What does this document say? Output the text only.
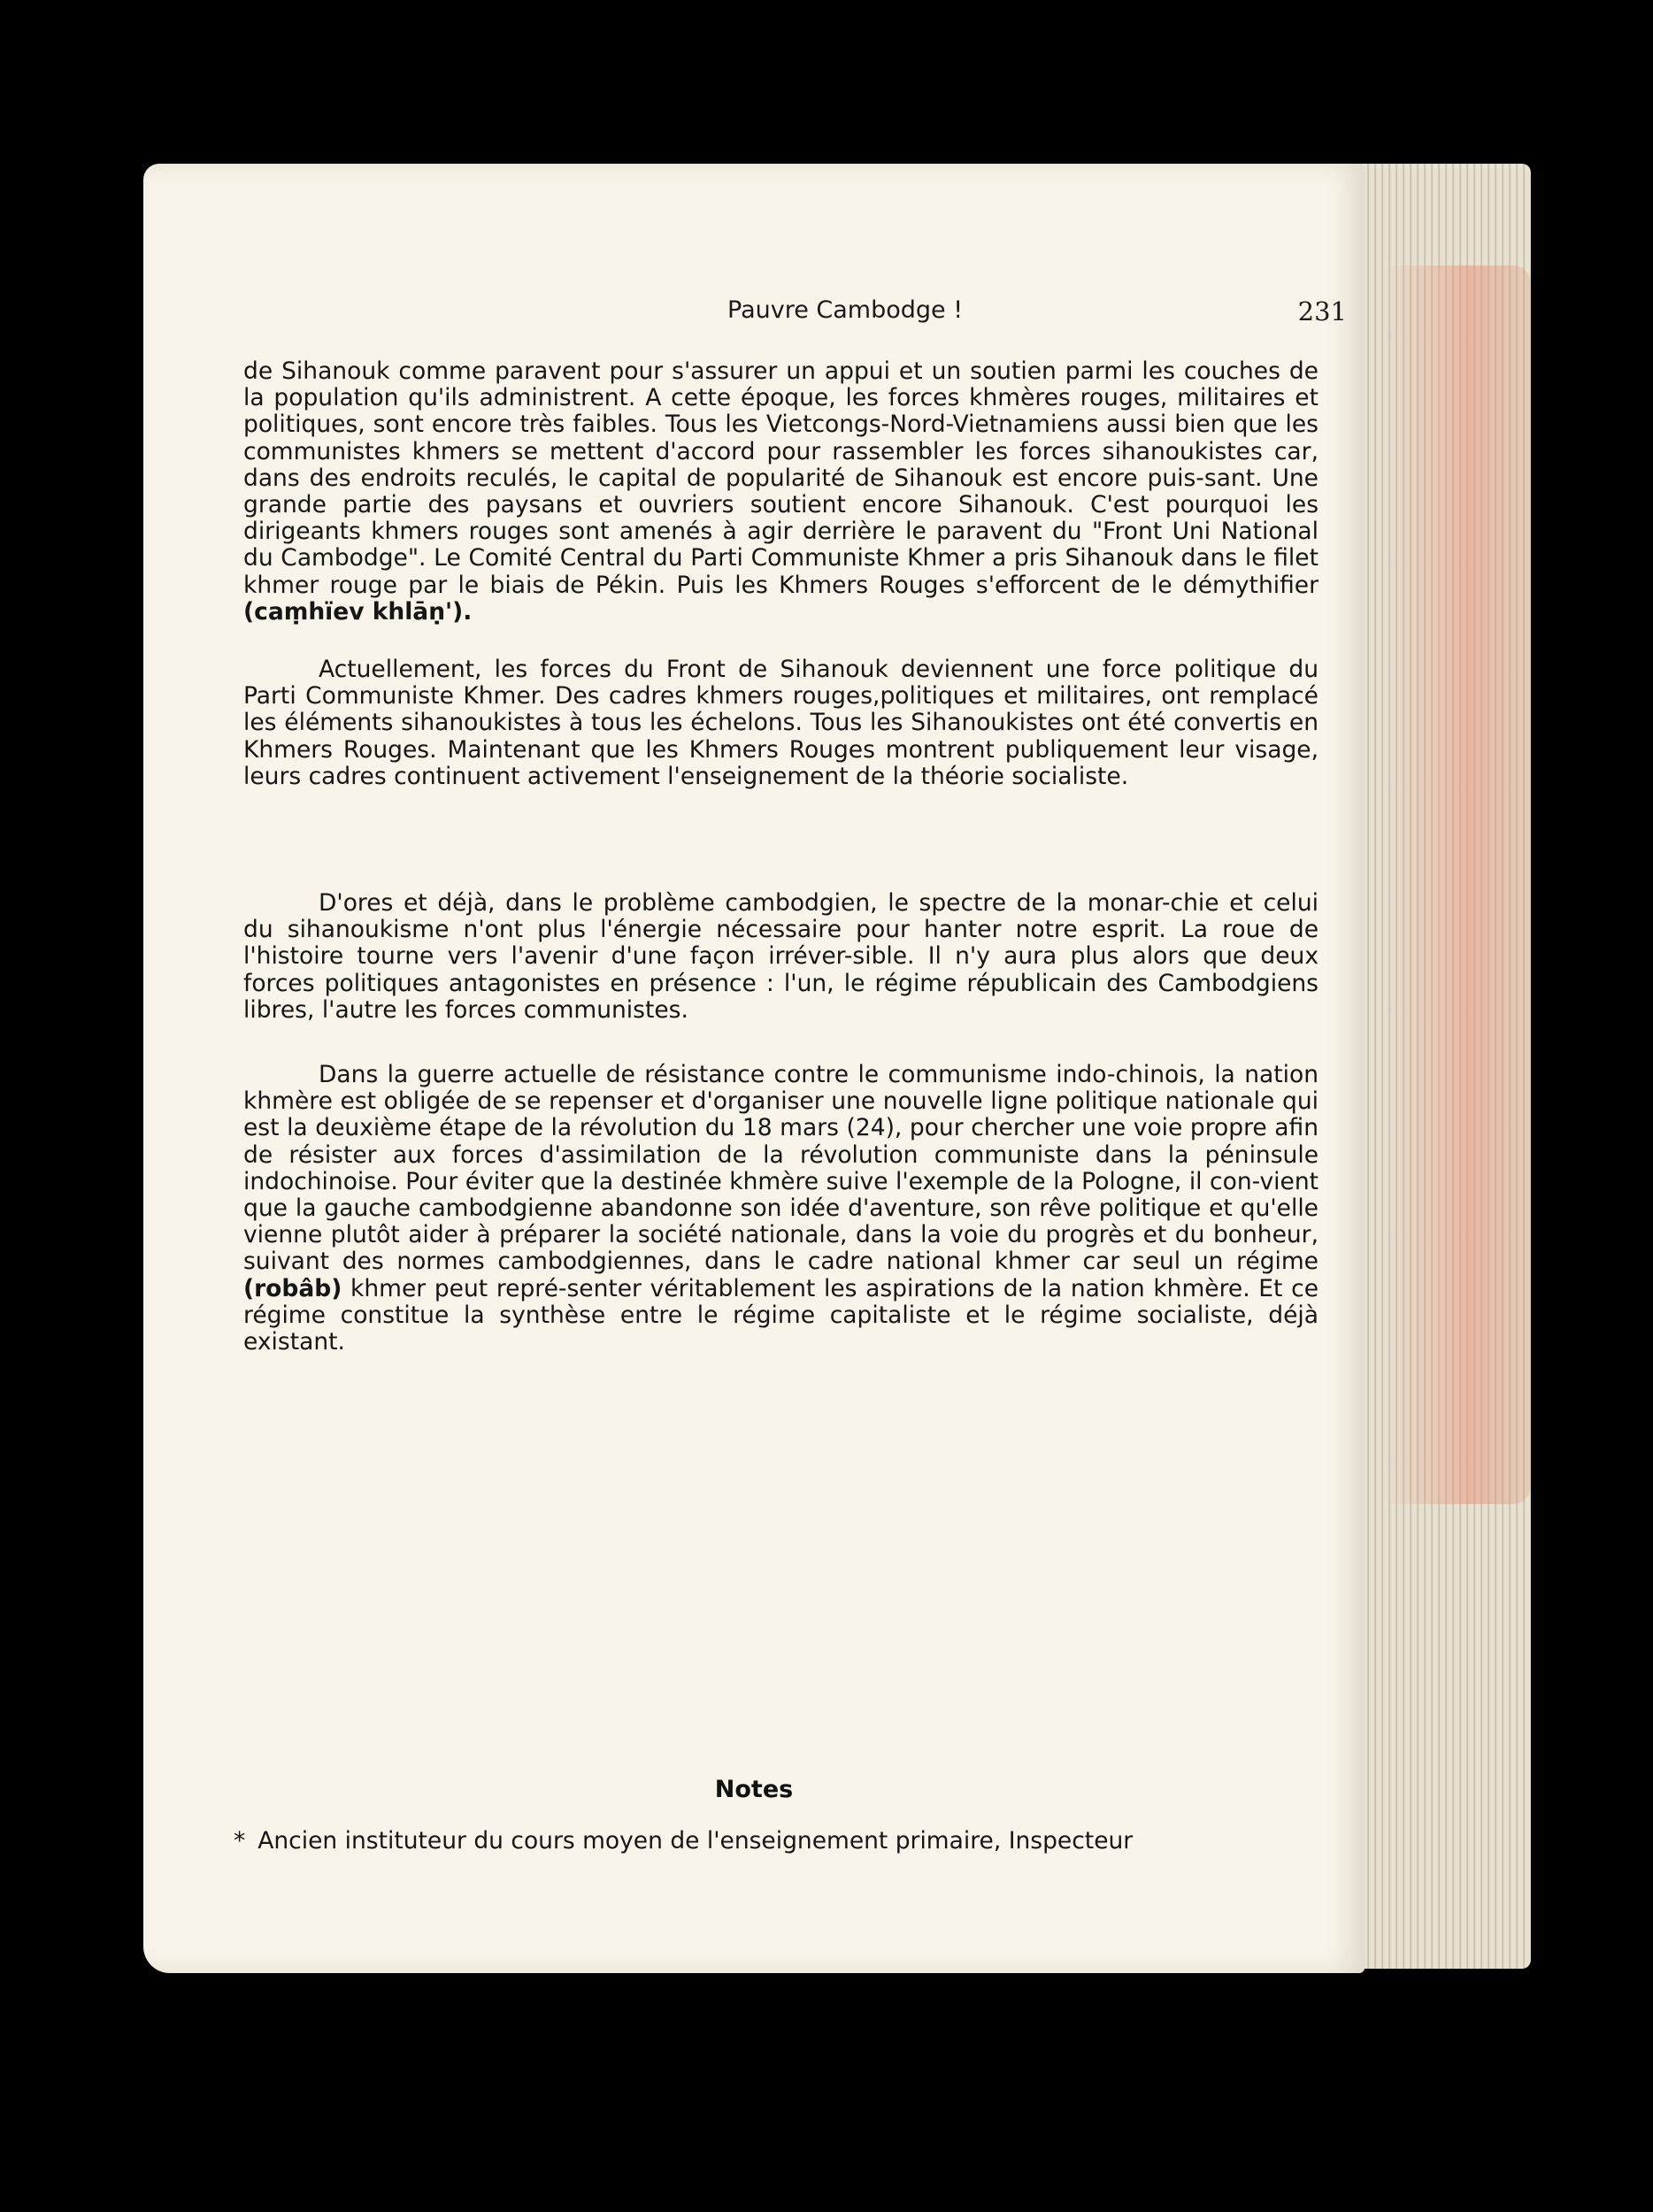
Pauvre Cambodge !	231

de Sihanouk comme paravent pour s'assurer un appui et un soutien parmi les couches de la population qu'ils administrent. A cette époque, les forces khmères rouges, militaires et politiques, sont encore très faibles. Tous les Vietcongs-Nord-Vietnamiens aussi bien que les communistes khmers se mettent d'accord pour rassembler les forces sihanoukistes car, dans des endroits reculés, le capital de popularité de Sihanouk est encore puis-sant. Une grande partie des paysans et ouvriers soutient encore Sihanouk. C'est pourquoi les dirigeants khmers rouges sont amenés à agir derrière le paravent du "Front Uni National du Cambodge". Le Comité Central du Parti Communiste Khmer a pris Sihanouk dans le filet khmer rouge par le biais de Pékin. Puis les Khmers Rouges s'efforcent de le démythifier (caṃhïev khlāṇ').

Actuellement, les forces du Front de Sihanouk deviennent une force politique du Parti Communiste Khmer. Des cadres khmers rouges,politiques et militaires, ont remplacé les éléments sihanoukistes à tous les échelons. Tous les Sihanoukistes ont été convertis en Khmers Rouges. Maintenant que les Khmers Rouges montrent publiquement leur visage, leurs cadres continuent activement l'enseignement de la théorie socialiste.

D'ores et déjà, dans le problème cambodgien, le spectre de la monar-chie et celui du sihanoukisme n'ont plus l'énergie nécessaire pour hanter notre esprit. La roue de l'histoire tourne vers l'avenir d'une façon irréver-sible. Il n'y aura plus alors que deux forces politiques antagonistes en présence : l'un, le régime républicain des Cambodgiens libres, l'autre les forces communistes.

Dans la guerre actuelle de résistance contre le communisme indo-chinois, la nation khmère est obligée de se repenser et d'organiser une nouvelle ligne politique nationale qui est la deuxième étape de la révolution du 18 mars (24), pour chercher une voie propre afin de résister aux forces d'assimilation de la révolution communiste dans la péninsule indochinoise. Pour éviter que la destinée khmère suive l'exemple de la Pologne, il con-vient que la gauche cambodgienne abandonne son idée d'aventure, son rêve politique et qu'elle vienne plutôt aider à préparer la société nationale, dans la voie du progrès et du bonheur, suivant des normes cambodgiennes, dans le cadre national khmer car seul un régime (robâb) khmer peut repré-senter véritablement les aspirations de la nation khmère. Et ce régime constitue la synthèse entre le régime capitaliste et le régime socialiste, déjà existant.

Notes
* Ancien instituteur du cours moyen de l'enseignement primaire, Inspecteur
